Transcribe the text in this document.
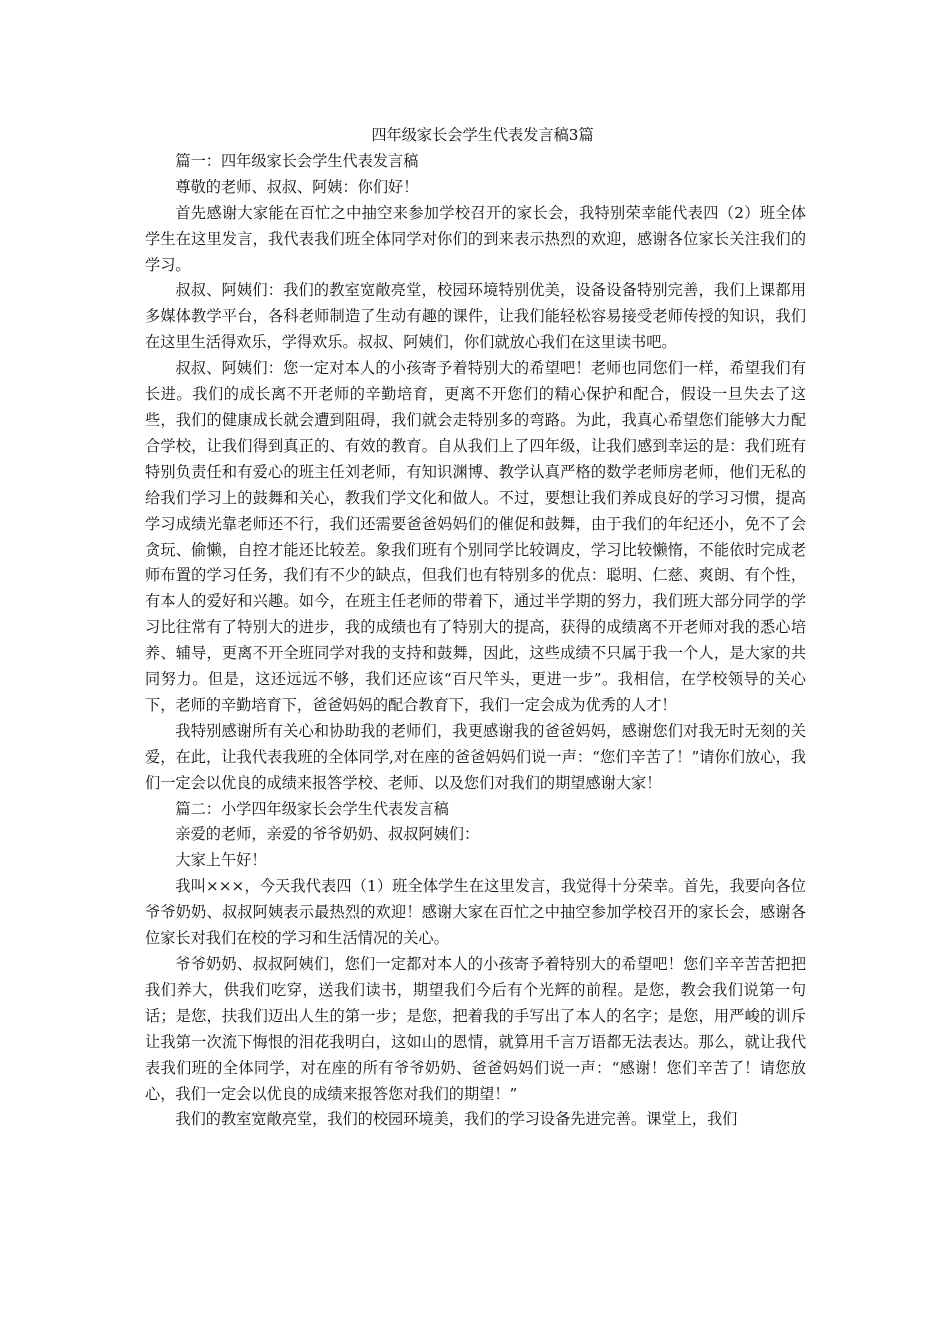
四年级家长会学生代表发言稿3篇

篇一：四年级家长会学生代表发言稿

尊敬的老师、叔叔、阿姨：你们好！

首先感谢大家能在百忙之中抽空来参加学校召开的家长会，我特别荣幸能代表四（2）班全体学生在这里发言，我代表我们班全体同学对你们的到来表示热烈的欢迎，感谢各位家长关注我们的学习。

叔叔、阿姨们：我们的教室宽敞亮堂，校园环境特别优美，设备设备特别完善，我们上课都用多媒体教学平台，各科老师制造了生动有趣的课件，让我们能轻松容易接受老师传授的知识，我们在这里生活得欢乐，学得欢乐。叔叔、阿姨们，你们就放心我们在这里读书吧。

叔叔、阿姨们：您一定对本人的小孩寄予着特别大的希望吧！老师也同您们一样，希望我们有长进。我们的成长离不开老师的辛勤培育，更离不开您们的精心保护和配合，假设一旦失去了这些，我们的健康成长就会遭到阻碍，我们就会走特别多的弯路。为此，我真心希望您们能够大力配合学校，让我们得到真正的、有效的教育。自从我们上了四年级，让我们感到幸运的是：我们班有特别负责任和有爱心的班主任刘老师，有知识渊博、教学认真严格的数学老师房老师，他们无私的给我们学习上的鼓舞和关心，教我们学文化和做人。不过，要想让我们养成良好的学习习惯，提高学习成绩光靠老师还不行，我们还需要爸爸妈妈们的催促和鼓舞，由于我们的年纪还小，免不了会贪玩、偷懒，自控才能还比较差。象我们班有个别同学比较调皮，学习比较懒惰，不能依时完成老师布置的学习任务，我们有不少的缺点，但我们也有特别多的优点：聪明、仁慈、爽朗、有个性，有本人的爱好和兴趣。如今，在班主任老师的带着下，通过半学期的努力，我们班大部分同学的学习比往常有了特别大的进步，我的成绩也有了特别大的提高，获得的成绩离不开老师对我的悉心培养、辅导，更离不开全班同学对我的支持和鼓舞，因此，这些成绩不只属于我一个人，是大家的共同努力。但是，这还远远不够，我们还应该“百尺竿头，更进一步”。我相信，在学校领导的关心下，老师的辛勤培育下，爸爸妈妈的配合教育下，我们一定会成为优秀的人才！

我特别感谢所有关心和协助我的老师们，我更感谢我的爸爸妈妈，感谢您们对我无时无刻的关爱，在此，让我代表我班的全体同学,对在座的爸爸妈妈们说一声：“您们辛苦了！”请你们放心，我们一定会以优良的成绩来报答学校、老师、以及您们对我们的期望感谢大家！

篇二：小学四年级家长会学生代表发言稿

亲爱的老师，亲爱的爷爷奶奶、叔叔阿姨们：

大家上午好！

我叫×××，今天我代表四（1）班全体学生在这里发言，我觉得十分荣幸。首先，我要向各位爷爷奶奶、叔叔阿姨表示最热烈的欢迎！感谢大家在百忙之中抽空参加学校召开的家长会，感谢各位家长对我们在校的学习和生活情况的关心。

爷爷奶奶、叔叔阿姨们，您们一定都对本人的小孩寄予着特别大的希望吧！您们辛辛苦苦把把我们养大，供我们吃穿，送我们读书，期望我们今后有个光辉的前程。是您，教会我们说第一句话；是您，扶我们迈出人生的第一步；是您，把着我的手写出了本人的名字；是您，用严峻的训斥让我第一次流下悔恨的泪花我明白，这如山的恩情，就算用千言万语都无法表达。那么，就让我代表我们班的全体同学，对在座的所有爷爷奶奶、爸爸妈妈们说一声：“感谢！您们辛苦了！请您放心，我们一定会以优良的成绩来报答您对我们的期望！”

我们的教室宽敞亮堂，我们的校园环境美，我们的学习设备先进完善。课堂上，我们
